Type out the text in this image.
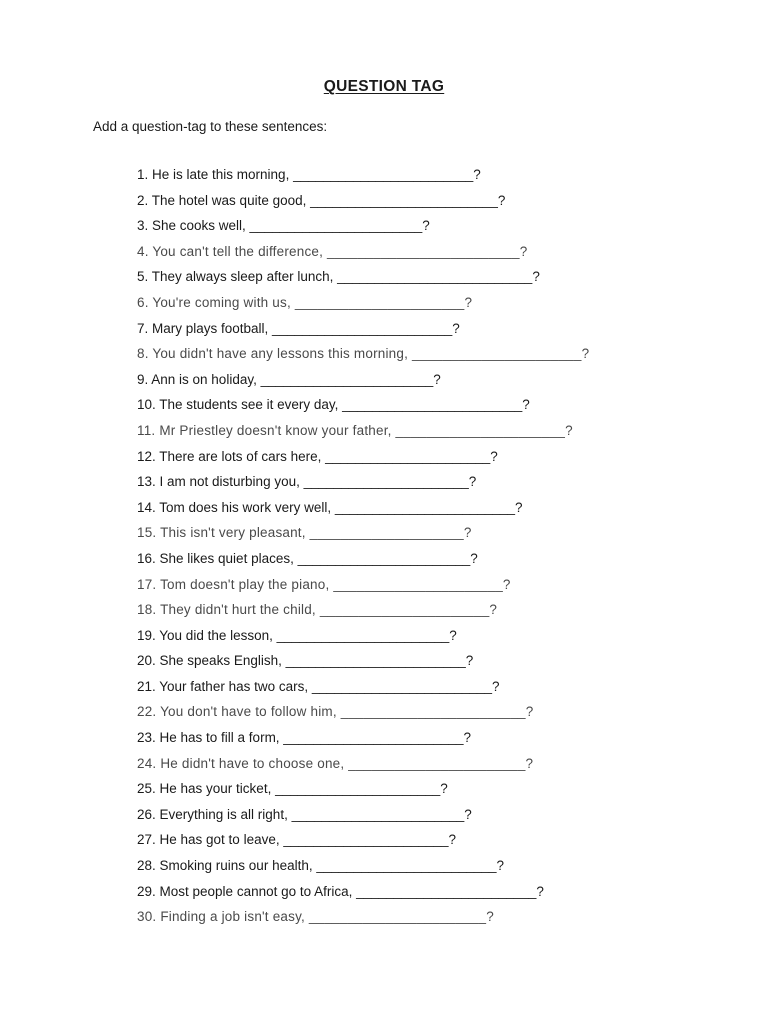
QUESTION TAG

Add a question-tag to these sentences:

1. He is late this morning, ________________________?
2. The hotel was quite good, _________________________?
3. She cooks well, _______________________?
4. You can't tell the difference, _________________________?
5. They always sleep after lunch, __________________________?
6. You're coming with us, ______________________?
7. Mary plays football, ________________________?
8. You didn't have any lessons this morning, ______________________?
9. Ann is on holiday, _______________________?
10. The students see it every day, ________________________?
11. Mr Priestley doesn't know your father, ______________________?
12. There are lots of cars here, ______________________?
13. I am not disturbing you, ______________________?
14. Tom does his work very well, ________________________?
15. This isn't very pleasant, ____________________?
16. She likes quiet places, _______________________?
17. Tom doesn't play the piano, ______________________?
18. They didn't hurt the child, ______________________?
19. You did the lesson, _______________________?
20. She speaks English, ________________________?
21. Your father has two cars, ________________________?
22. You don't have to follow him, ________________________?
23. He has to fill a form, ________________________?
24. He didn't have to choose one, _______________________?
25. He has your ticket, ______________________?
26. Everything is all right, _______________________?
27. He has got to leave, ______________________?
28. Smoking ruins our health, ________________________?
29. Most people cannot go to Africa, ________________________?
30. Finding a job isn't easy, _______________________?
